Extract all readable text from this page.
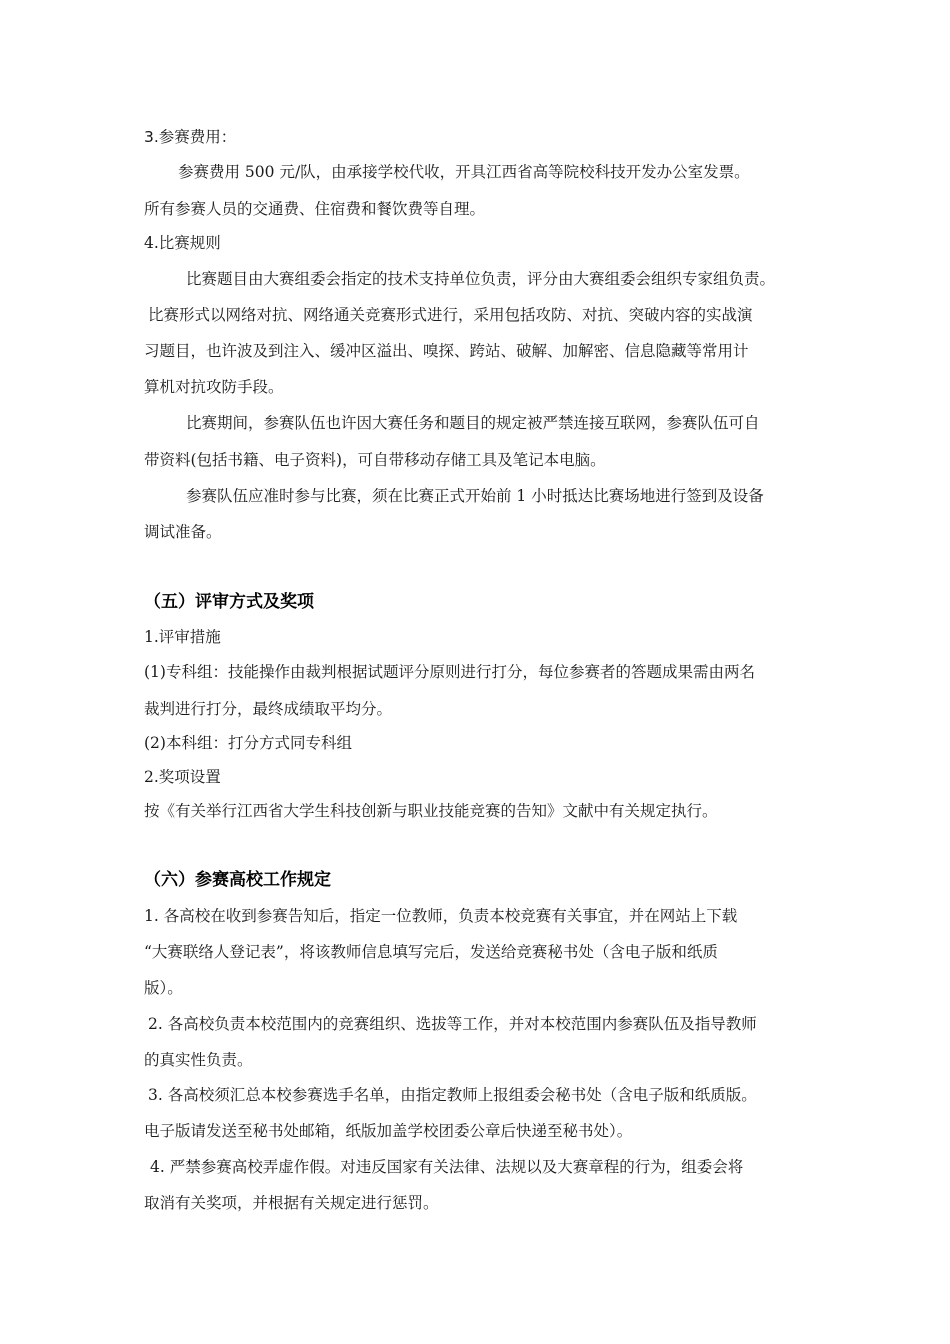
3.参赛费用：
参赛费用 500 元/队，由承接学校代收，开具江西省高等院校科技开发办公室发票。
所有参赛人员的交通费、住宿费和餐饮费等自理。
4.比赛规则
比赛题目由大赛组委会指定的技术支持单位负责，评分由大赛组委会组织专家组负责。
比赛形式以网络对抗、网络通关竞赛形式进行，采用包括攻防、对抗、突破内容的实战演
习题目，也许波及到注入、缓冲区溢出、嗅探、跨站、破解、加解密、信息隐藏等常用计
算机对抗攻防手段。
比赛期间，参赛队伍也许因大赛任务和题目的规定被严禁连接互联网，参赛队伍可自
带资料(包括书籍、电子资料)，可自带移动存储工具及笔记本电脑。
参赛队伍应准时参与比赛，须在比赛正式开始前 1 小时抵达比赛场地进行签到及设备
调试准备。
（五）评审方式及奖项
1.评审措施
(1)专科组：技能操作由裁判根据试题评分原则进行打分，每位参赛者的答题成果需由两名
裁判进行打分，最终成绩取平均分。
(2)本科组：打分方式同专科组
2.奖项设置
按《有关举行江西省大学生科技创新与职业技能竞赛的告知》文献中有关规定执行。
（六）参赛高校工作规定
1. 各高校在收到参赛告知后，指定一位教师，负责本校竞赛有关事宜，并在网站上下载
“大赛联络人登记表”，将该教师信息填写完后，发送给竞赛秘书处（含电子版和纸质
版）。
2. 各高校负责本校范围内的竞赛组织、选拔等工作，并对本校范围内参赛队伍及指导教师
的真实性负责。
3. 各高校须汇总本校参赛选手名单，由指定教师上报组委会秘书处（含电子版和纸质版。
电子版请发送至秘书处邮箱，纸版加盖学校团委公章后快递至秘书处）。
4. 严禁参赛高校弄虚作假。对违反国家有关法律、法规以及大赛章程的行为，组委会将
取消有关奖项，并根据有关规定进行惩罚。
